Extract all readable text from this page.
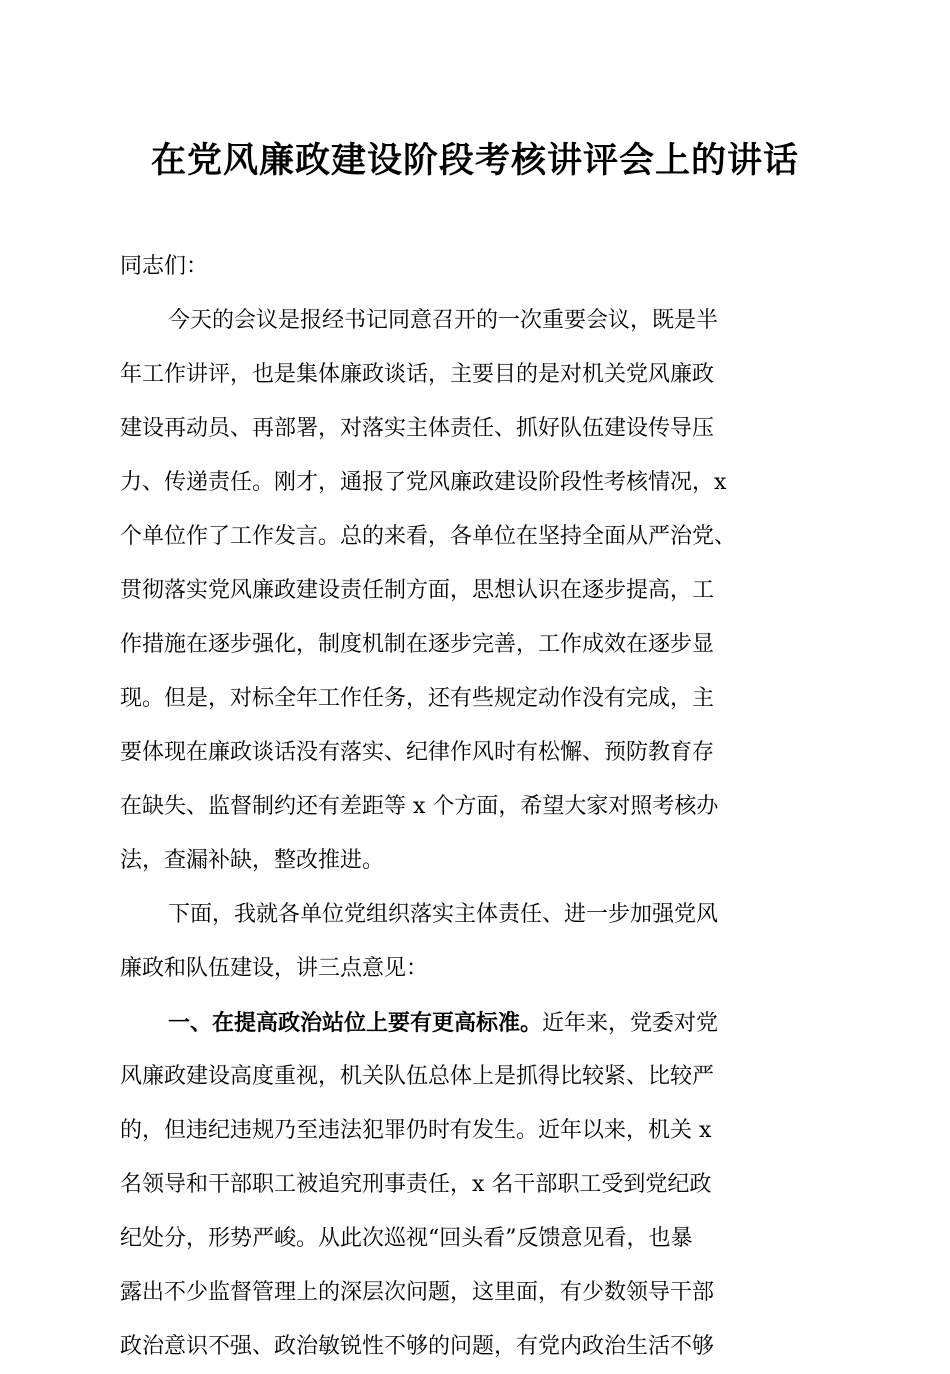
在党风廉政建设阶段考核讲评会上的讲话
同志们：
今天的会议是报经书记同意召开的一次重要会议，既是半
年工作讲评，也是集体廉政谈话，主要目的是对机关党风廉政
建设再动员、再部署，对落实主体责任、抓好队伍建设传导压
力、传递责任。刚才，通报了党风廉政建设阶段性考核情况，x
个单位作了工作发言。总的来看，各单位在坚持全面从严治党、
贯彻落实党风廉政建设责任制方面，思想认识在逐步提高，工
作措施在逐步强化，制度机制在逐步完善，工作成效在逐步显
现。但是，对标全年工作任务，还有些规定动作没有完成，主
要体现在廉政谈话没有落实、纪律作风时有松懈、预防教育存
在缺失、监督制约还有差距等 x 个方面，希望大家对照考核办
法，查漏补缺，整改推进。
下面，我就各单位党组织落实主体责任、进一步加强党风
廉政和队伍建设，讲三点意见：
一、在提高政治站位上要有更高标准。近年来，党委对党
风廉政建设高度重视，机关队伍总体上是抓得比较紧、比较严
的，但违纪违规乃至违法犯罪仍时有发生。近年以来，机关 x
名领导和干部职工被追究刑事责任，x 名干部职工受到党纪政
纪处分，形势严峻。从此次巡视“回头看”反馈意见看，也暴
露出不少监督管理上的深层次问题，这里面，有少数领导干部
政治意识不强、政治敏锐性不够的问题，有党内政治生活不够
